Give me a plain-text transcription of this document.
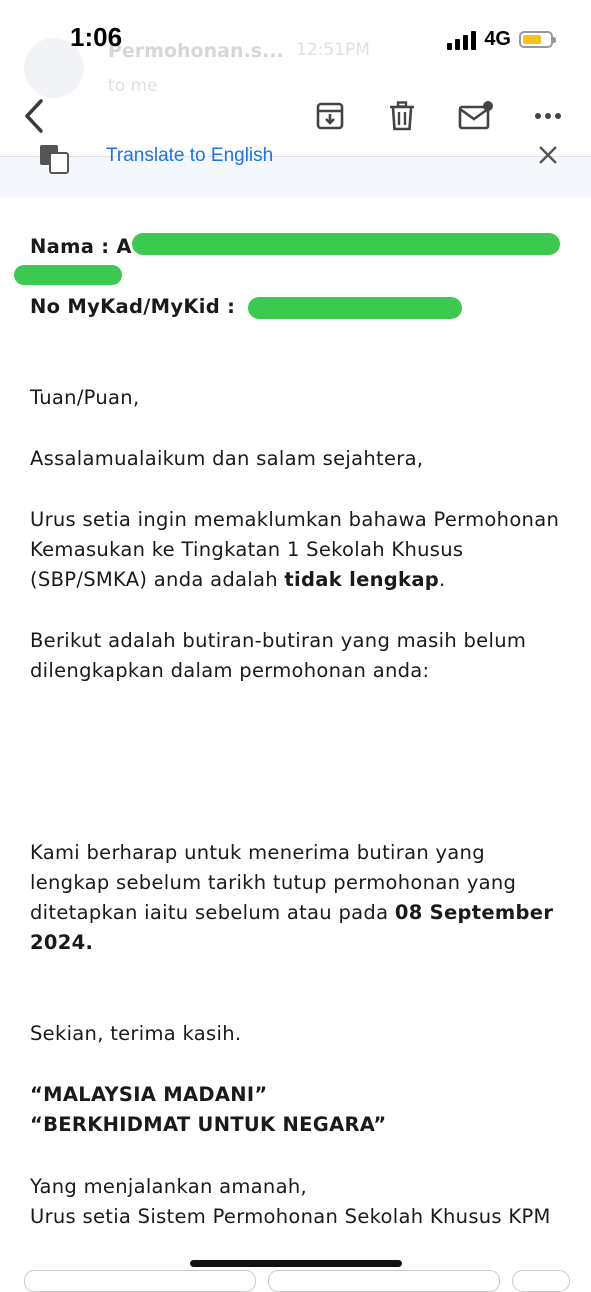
1:06	4G
Permohonan.s... 12:51PM
to me
Translate to English
Nama : A
No MyKad/MyKid :
Tuan/Puan,
Assalamualaikum dan salam sejahtera,
Urus setia ingin memaklumkan bahawa Permohonan
Kemasukan ke Tingkatan 1 Sekolah Khusus
(SBP/SMKA) anda adalah tidak lengkap.
Berikut adalah butiran-butiran yang masih belum
dilengkapkan dalam permohonan anda:
Kami berharap untuk menerima butiran yang
lengkap sebelum tarikh tutup permohonan yang
ditetapkan iaitu sebelum atau pada 08 September
2024.
Sekian, terima kasih.
“MALAYSIA MADANI”
“BERKHIDMAT UNTUK NEGARA”
Yang menjalankan amanah,
Urus setia Sistem Permohonan Sekolah Khusus KPM
